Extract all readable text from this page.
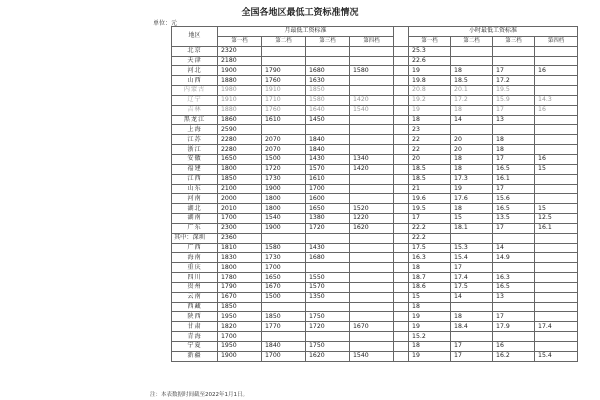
全国各地区最低工资标准情况
单位：元
地区	月最低工资标准					小时最低工资标准			
	第一档	第二档	第三档	第四档		第一档	第二档	第三档	第四档
北京	2320					25.3			
天津	2180					22.6			
河北	1900	1790	1680	1580		19	18	17	16
山西	1880	1760	1630			19.8	18.5	17.2	
内蒙古	1980	1910	1850			20.8	20.1	19.5	
辽宁	1910	1710	1580	1420		19.2	17.2	15.9	14.3
吉林	1880	1760	1640	1540		19	18	17	16
黑龙江	1860	1610	1450			18	14	13	
上海	2590					23			
江苏	2280	2070	1840			22	20	18	
浙江	2280	2070	1840			22	20	18	
安徽	1650	1500	1430	1340		20	18	17	16
福建	1800	1720	1570	1420		18.5	18	16.5	15
江西	1850	1730	1610			18.5	17.3	16.1	
山东	2100	1900	1700			21	19	17	
河南	2000	1800	1600			19.6	17.6	15.6	
湖北	2010	1800	1650	1520		19.5	18	16.5	15
湖南	1700	1540	1380	1220		17	15	13.5	12.5
广东	2300	1900	1720	1620		22.2	18.1	17	16.1
其中：深圳	2360					22.2			
广西	1810	1580	1430			17.5	15.3	14	
海南	1830	1730	1680			16.3	15.4	14.9	
重庆	1800	1700				18	17		
四川	1780	1650	1550			18.7	17.4	16.3	
贵州	1790	1670	1570			18.6	17.5	16.5	
云南	1670	1500	1350			15	14	13	
西藏	1850					18			
陕西	1950	1850	1750			19	18	17	
甘肃	1820	1770	1720	1670		19	18.4	17.9	17.4
青海	1700					15.2			
宁夏	1950	1840	1750			18	17	16	
新疆	1900	1700	1620	1540		19	17	16.2	15.4
注：本表数据时间截至2022年1月1日。
